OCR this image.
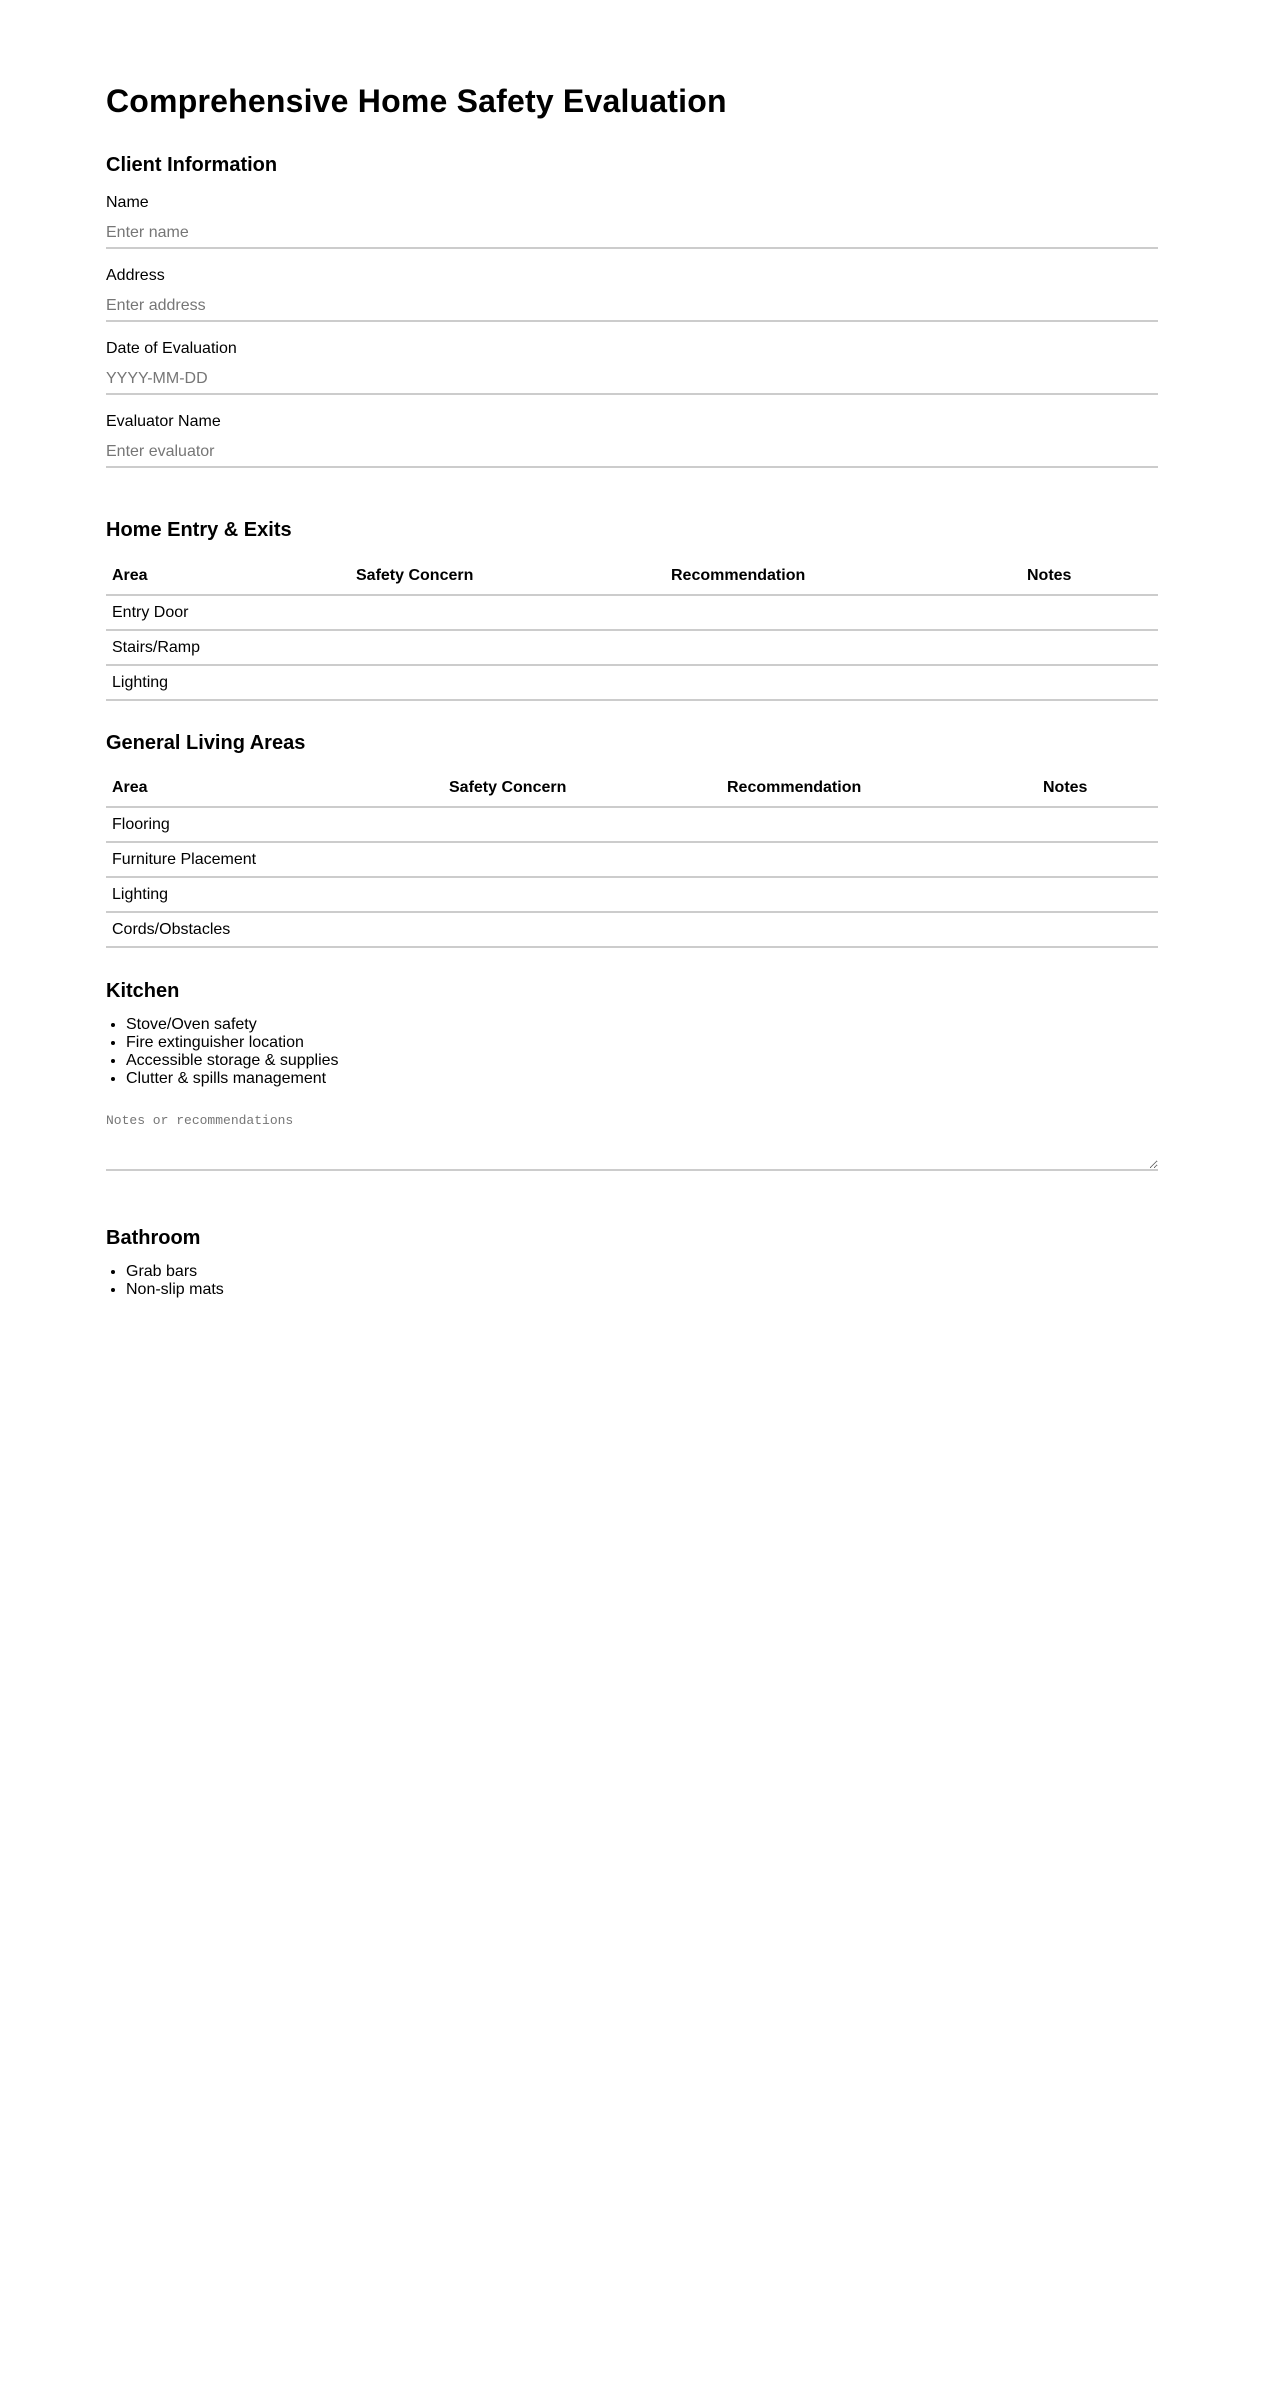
Comprehensive Home Safety Evaluation
Client Information
Name
Enter name
Address
Enter address
Date of Evaluation
YYYY-MM-DD
Evaluator Name
Enter evaluator
Home Entry & Exits
Area	Safety Concern	Recommendation	Notes
Entry Door			
Stairs/Ramp			
Lighting			
General Living Areas
Area	Safety Concern	Recommendation	Notes
Flooring			
Furniture Placement			
Lighting			
Cords/Obstacles			
Kitchen
• Stove/Oven safety
• Fire extinguisher location
• Accessible storage & supplies
• Clutter & spills management
Notes or recommendations
Bathroom
• Grab bars
• Non-slip mats
